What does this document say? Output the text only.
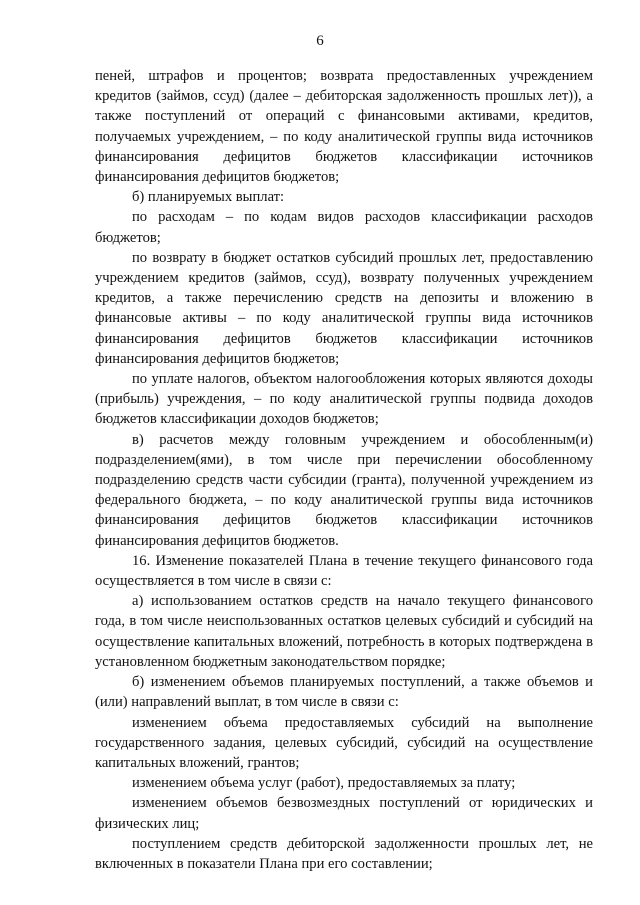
6

пеней, штрафов и процентов; возврата предоставленных учреждением кредитов (займов, ссуд) (далее – дебиторская задолженность прошлых лет)), а также поступлений от операций с финансовыми активами, кредитов, получаемых учреждением, – по коду аналитической группы вида источников финансирования дефицитов бюджетов классификации источников финансирования дефицитов бюджетов;

б) планируемых выплат:

по расходам – по кодам видов расходов классификации расходов бюджетов;

по возврату в бюджет остатков субсидий прошлых лет, предоставлению учреждением кредитов (займов, ссуд), возврату полученных учреждением кредитов, а также перечислению средств на депозиты и вложению в финансовые активы – по коду аналитической группы вида источников финансирования дефицитов бюджетов классификации источников финансирования дефицитов бюджетов;

по уплате налогов, объектом налогообложения которых являются доходы (прибыль) учреждения, – по коду аналитической группы подвида доходов бюджетов классификации доходов бюджетов;

в) расчетов между головным учреждением и обособленным(и) подразделением(ями), в том числе при перечислении обособленному подразделению средств части субсидии (гранта), полученной учреждением из федерального бюджета, – по коду аналитической группы вида источников финансирования дефицитов бюджетов классификации источников финансирования дефицитов бюджетов.

16. Изменение показателей Плана в течение текущего финансового года осуществляется в том числе в связи с:

а) использованием остатков средств на начало текущего финансового года, в том числе неиспользованных остатков целевых субсидий и субсидий на осуществление капитальных вложений, потребность в которых подтверждена в установленном бюджетным законодательством порядке;

б) изменением объемов планируемых поступлений, а также объемов и (или) направлений выплат, в том числе в связи с:

изменением объема предоставляемых субсидий на выполнение государственного задания, целевых субсидий, субсидий на осуществление капитальных вложений, грантов;

изменением объема услуг (работ), предоставляемых за плату;

изменением объемов безвозмездных поступлений от юридических и физических лиц;

поступлением средств дебиторской задолженности прошлых лет, не включенных в показатели Плана при его составлении;
